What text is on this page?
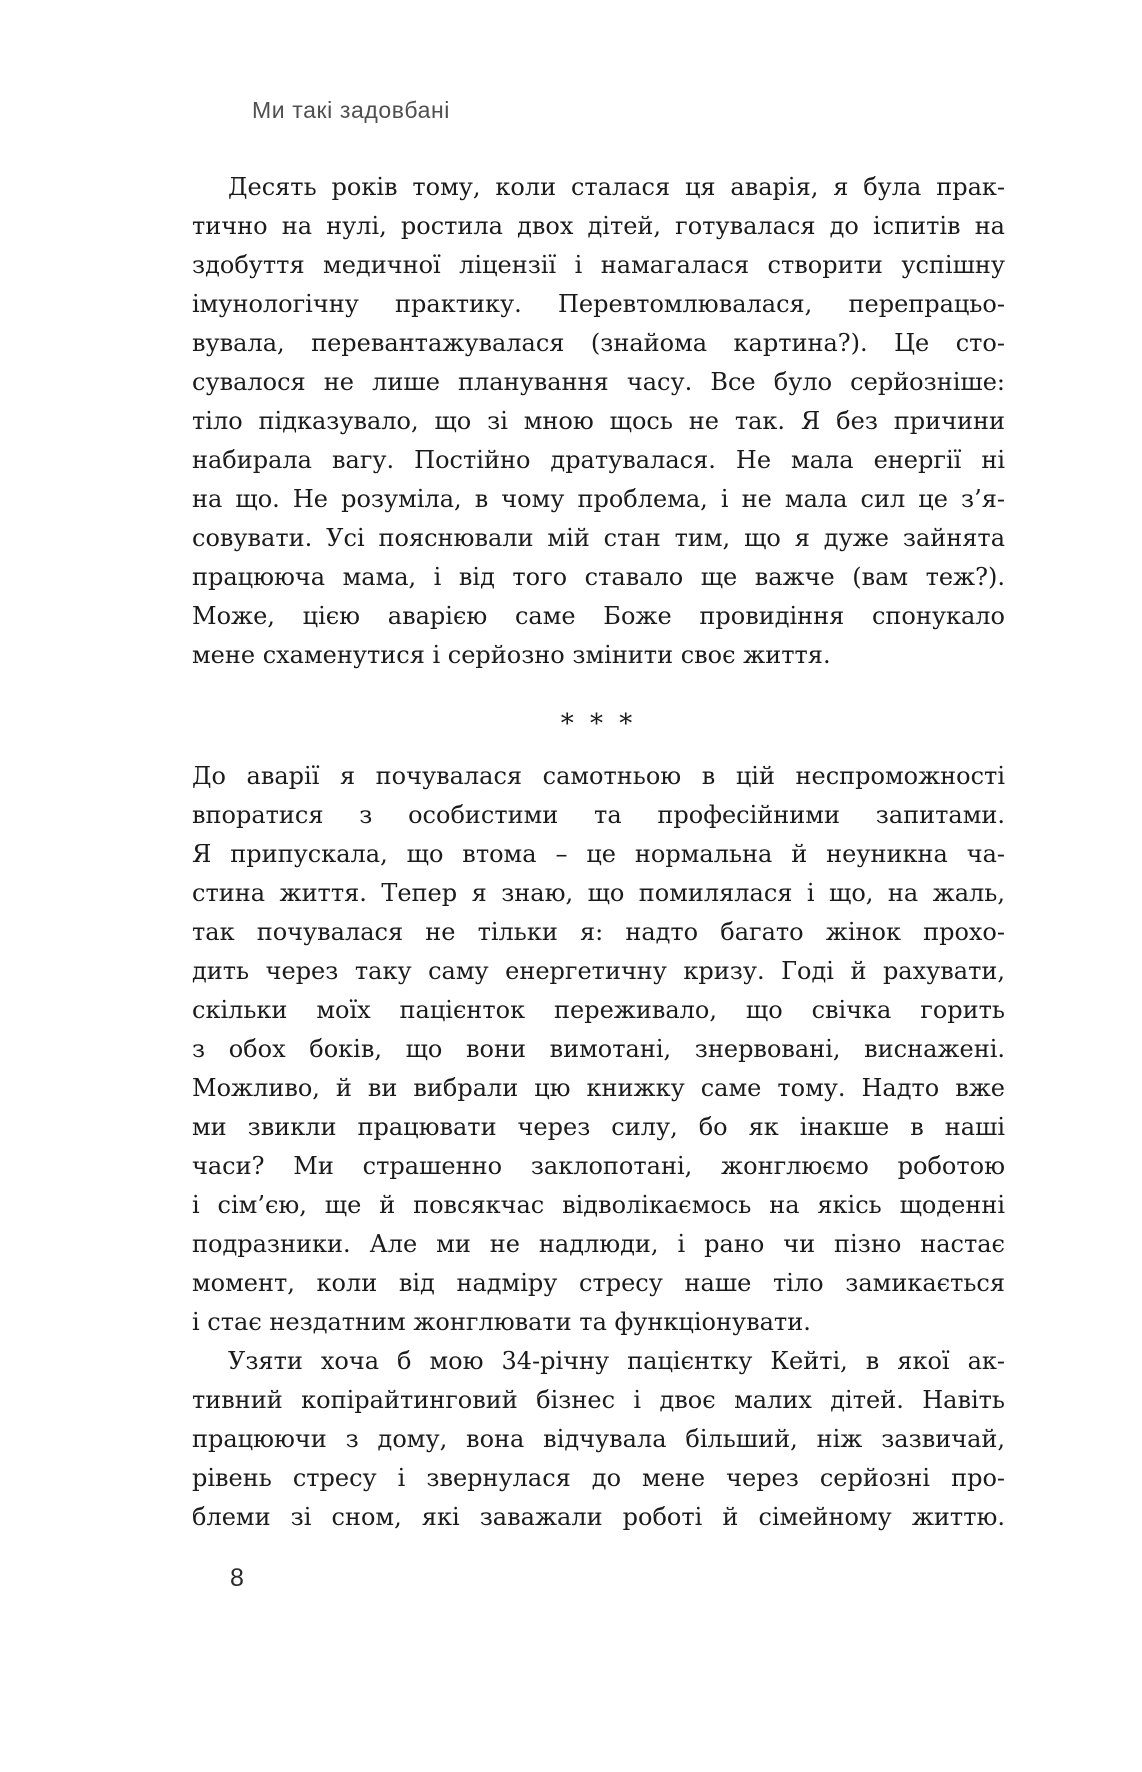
Ми такі задовбані
Десять років тому, коли сталася ця аварія, я була прак-
тично на нулі, ростила двох дітей, готувалася до іспитів на
здобуття медичної ліцензії і намагалася створити успішну
імунологічну практику. Перевтомлювалася, перепрацьо-
вувала, перевантажувалася (знайома картина?). Це сто-
сувалося не лише планування часу. Все було серйозніше:
тіло підказувало, що зі мною щось не так. Я без причини
набирала вагу. Постійно дратувалася. Не мала енергії ні
на що. Не розуміла, в чому проблема, і не мала сил це з’я-
совувати. Усі пояснювали мій стан тим, що я дуже зайнята
працююча мама, і від того ставало ще важче (вам теж?).
Може, цією аварією саме Боже провидіння спонукало
мене схаменутися і серйозно змінити своє життя.
* * *
До аварії я почувалася самотньою в цій неспроможності
впоратися з особистими та професійними запитами.
Я припускала, що втома – це нормальна й неуникна ча-
стина життя. Тепер я знаю, що помилялася і що, на жаль,
так почувалася не тільки я: надто багато жінок прохо-
дить через таку саму енергетичну кризу. Годі й рахувати,
скільки моїх пацієнток переживало, що свічка горить
з обох боків, що вони вимотані, знервовані, виснажені.
Можливо, й ви вибрали цю книжку саме тому. Надто вже
ми звикли працювати через силу, бо як інакше в наші
часи? Ми страшенно заклопотані, жонглюємо роботою
і сім’єю, ще й повсякчас відволікаємось на якісь щоденні
подразники. Але ми не надлюди, і рано чи пізно настає
момент, коли від надміру стресу наше тіло замикається
і стає нездатним жонглювати та функціонувати.
Узяти хоча б мою 34-річну пацієнтку Кейті, в якої ак-
тивний копірайтинговий бізнес і двоє малих дітей. Навіть
працюючи з дому, вона відчувала більший, ніж зазвичай,
рівень стресу і звернулася до мене через серйозні про-
блеми зі сном, які заважали роботі й сімейному життю.
8
